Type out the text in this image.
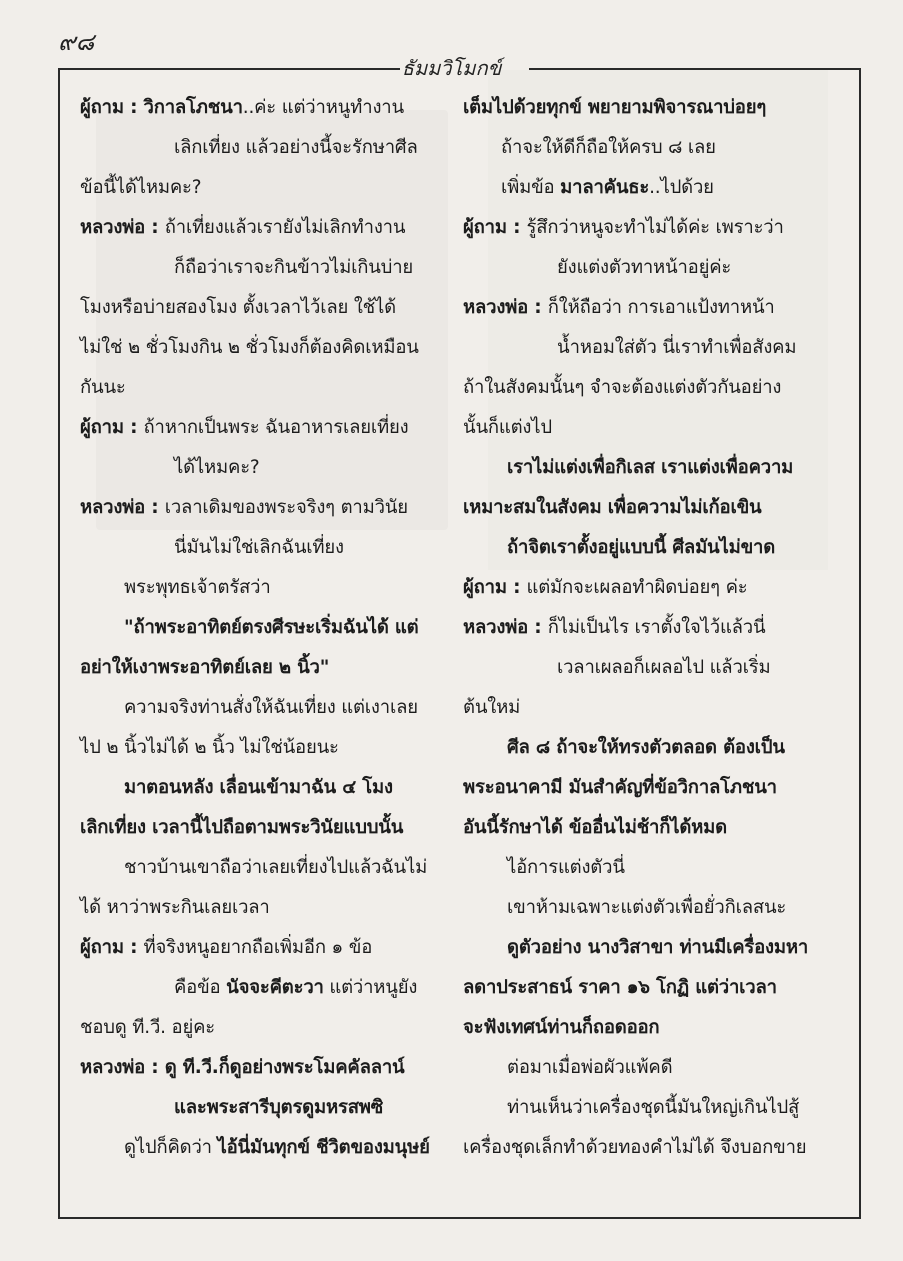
๙๘
ธัมมวิโมกข์

ผู้ถาม : วิกาลโภชนา..ค่ะ แต่ว่าหนูทำงาน

เลิกเที่ยง แล้วอย่างนี้จะรักษาศีล

ข้อนี้ได้ไหมคะ?

หลวงพ่อ : ถ้าเที่ยงแล้วเรายังไม่เลิกทำงาน

ก็ถือว่าเราจะกินข้าวไม่เกินบ่าย

โมงหรือบ่ายสองโมง ตั้งเวลาไว้เลย ใช้ได้

ไม่ใช่ ๒ ชั่วโมงกิน ๒ ชั่วโมงก็ต้องคิดเหมือน

กันนะ

ผู้ถาม : ถ้าหากเป็นพระ ฉันอาหารเลยเที่ยง

ได้ไหมคะ?

หลวงพ่อ : เวลาเดิมของพระจริงๆ ตามวินัย

นี่มันไม่ใช่เลิกฉันเที่ยง

พระพุทธเจ้าตรัสว่า

"ถ้าพระอาทิตย์ตรงศีรษะเริ่มฉันได้ แต่

อย่าให้เงาพระอาทิตย์เลย ๒ นิ้ว"

ความจริงท่านสั่งให้ฉันเที่ยง แต่เงาเลย

ไป ๒ นิ้วไม่ได้ ๒ นิ้ว ไม่ใช่น้อยนะ

มาตอนหลัง เลื่อนเข้ามาฉัน ๔ โมง

เลิกเที่ยง เวลานี้ไปถือตามพระวินัยแบบนั้น

ชาวบ้านเขาถือว่าเลยเที่ยงไปแล้วฉันไม่

ได้ หาว่าพระกินเลยเวลา

ผู้ถาม : ที่จริงหนูอยากถือเพิ่มอีก ๑ ข้อ

คือข้อ นัจจะคีตะวา แต่ว่าหนูยัง

ชอบดู ที.วี. อยู่คะ

หลวงพ่อ : ดู ที.วี.ก็ดูอย่างพระโมคคัลลาน์

และพระสารีบุตรดูมหรสพซิ

ดูไปก็คิดว่า ไอ้นี่มันทุกข์ ชีวิตของมนุษย์

เต็มไปด้วยทุกข์ พยายามพิจารณาบ่อยๆ

ถ้าจะให้ดีก็ถือให้ครบ ๘ เลย

เพิ่มข้อ มาลาคันธะ..ไปด้วย

ผู้ถาม : รู้สึกว่าหนูจะทำไม่ได้ค่ะ เพราะว่า

ยังแต่งตัวทาหน้าอยู่ค่ะ

หลวงพ่อ : ก็ให้ถือว่า การเอาแป้งทาหน้า

น้ำหอมใส่ตัว นี่เราทำเพื่อสังคม

ถ้าในสังคมนั้นๆ จำจะต้องแต่งตัวกันอย่าง

นั้นก็แต่งไป

เราไม่แต่งเพื่อกิเลส เราแต่งเพื่อความ

เหมาะสมในสังคม เพื่อความไม่เก้อเขิน

ถ้าจิตเราตั้งอยู่แบบนี้ ศีลมันไม่ขาด

ผู้ถาม : แต่มักจะเผลอทำผิดบ่อยๆ ค่ะ

หลวงพ่อ : ก็ไม่เป็นไร เราตั้งใจไว้แล้วนี่

เวลาเผลอก็เผลอไป แล้วเริ่ม

ต้นใหม่

ศีล ๘ ถ้าจะให้ทรงตัวตลอด ต้องเป็น

พระอนาคามี มันสำคัญที่ข้อวิกาลโภชนา

อันนี้รักษาได้ ข้ออื่นไม่ช้าก็ได้หมด

ไอ้การแต่งตัวนี่

เขาห้ามเฉพาะแต่งตัวเพื่อยั่วกิเลสนะ

ดูตัวอย่าง นางวิสาขา ท่านมีเครื่องมหา

ลดาประสาธน์ ราคา ๑๖ โกฏิ แต่ว่าเวลา

จะฟังเทศน์ท่านก็ถอดออก

ต่อมาเมื่อพ่อผัวแพ้คดี

ท่านเห็นว่าเครื่องชุดนี้มันใหญ่เกินไปสู้

เครื่องชุดเล็กทำด้วยทองคำไม่ได้ จึงบอกขาย
